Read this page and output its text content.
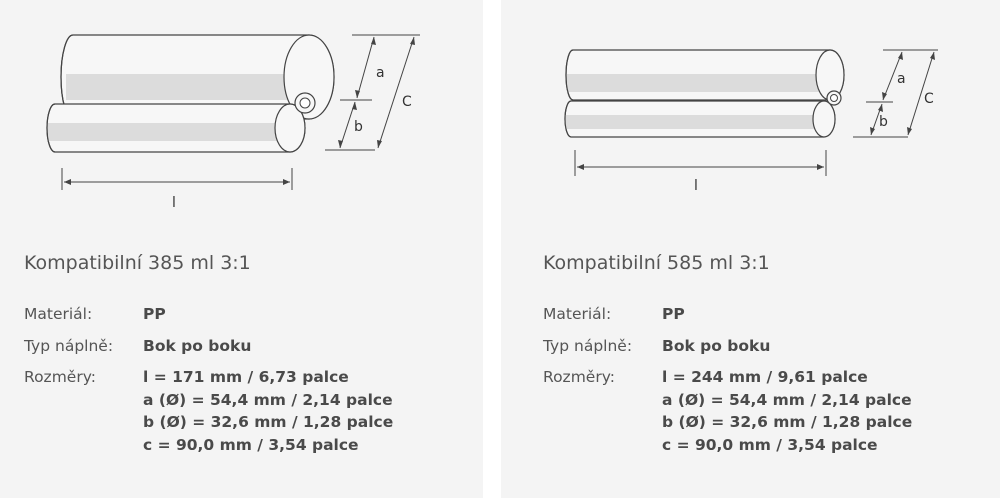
a
b
C
l
Kompatibilní 385 ml 3:1
Materiál:	PP
Typ náplně: Bok po boku
Rozměry:	l = 171 mm / 6,73 palce
a (Ø) = 54,4 mm / 2,14 palce
b (Ø) = 32,6 mm / 1,28 palce
c = 90,0 mm / 3,54 palce
a
b
C
l
Kompatibilní 585 ml 3:1
Materiál:	PP
Typ náplně: Bok po boku
Rozměry:	l = 244 mm / 9,61 palce
a (Ø) = 54,4 mm / 2,14 palce
b (Ø) = 32,6 mm / 1,28 palce
c = 90,0 mm / 3,54 palce
